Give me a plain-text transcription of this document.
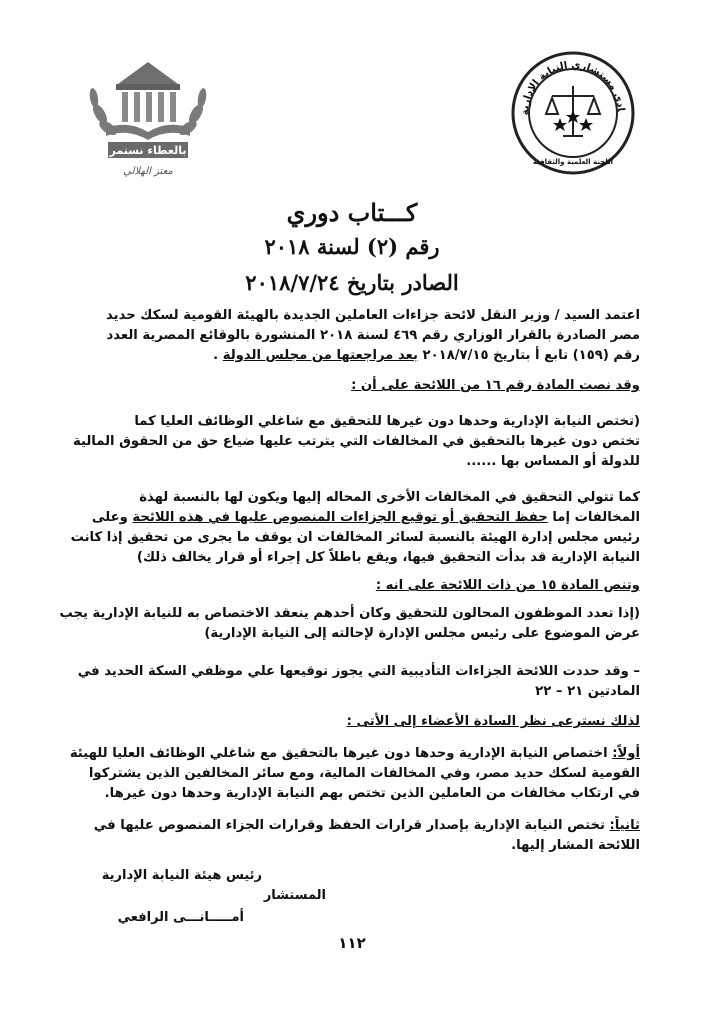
بالعطاء نستمر
معتز الهلالي
ادي مستشاري النيابة الإدارية
اللجنة العلمية والثقافية
كـــتاب دوري
رقم (٢) لسنة ٢٠١٨
الصادر بتاريخ ٢٠١٨/٧/٢٤
اعتمد السيد / وزير النقل لائحة جزاءات العاملين الجديدة بالهيئة القومية لسكك حديد
مصر الصادرة بالقرار الوزاري رقم ٤٦٩ لسنة ٢٠١٨ المنشورة بالوقائع المصرية العدد
رقم (١٥٩) تابع أ بتاريخ ٢٠١٨/٧/١٥ بعد مراجعتها من مجلس الدولة .
وقد نصت المادة رقم ١٦ من اللائحة على أن :
(تختص النيابة الإدارية وحدها دون غيرها للتحقيق مع شاغلي الوظائف العليا كما
تختص دون غيرها بالتحقيق في المخالفات التي يترتب عليها ضياع حق من الحقوق المالية
للدولة أو المساس بها ......
كما تتولي التحقيق في المخالفات الأخرى المحاله إليها ويكون لها بالنسبة لهذة
المخالفات إما حفظ التحقيق أو توقيع الجزاءات المنصوص عليها في هذه اللائحة وعلى
رئيس مجلس إدارة الهيئة بالنسبة لسائر المخالفات ان يوقف ما يجرى من تحقيق إذا كانت
النيابة الإدارية قد بدأت التحقيق فيها، ويقع باطلاً كل إجراء أو قرار يخالف ذلك)
وتنص المادة ١٥ من ذات اللائحة على انه :
(إذا تعدد الموظفون المحالون للتحقيق وكان أحدهم ينعقد الاختصاص به للنيابة الإدارية يجب
عرض الموضوع على رئيس مجلس الإدارة لإحالته إلى النيابة الإدارية)
– وقد حددت اللائحة الجزاءات التأديبية التي يجوز توقيعها علي موظفي السكة الحديد في
المادتين ٢١ – ٢٢
لذلك نسترعى نظر السادة الأعضاء إلى الأتى :
أولاً: اختصاص النيابة الإدارية وحدها دون غيرها بالتحقيق مع شاغلي الوظائف العليا للهيئة
القومية لسكك حديد مصر، وفي المخالفات المالية، ومع سائر المخالفين الذين يشتركوا
في ارتكاب مخالفات من العاملين الذين تختص بهم النيابة الإدارية وحدها دون غيرها.
ثانياً: تختص النيابة الإدارية بإصدار قرارات الحفظ وقرارات الجزاء المنصوص عليها في
اللائحة المشار إليها.
رئيس هيئة النيابة الإدارية
المستشار
أمـــــانـــى الرافعي
١١٢
